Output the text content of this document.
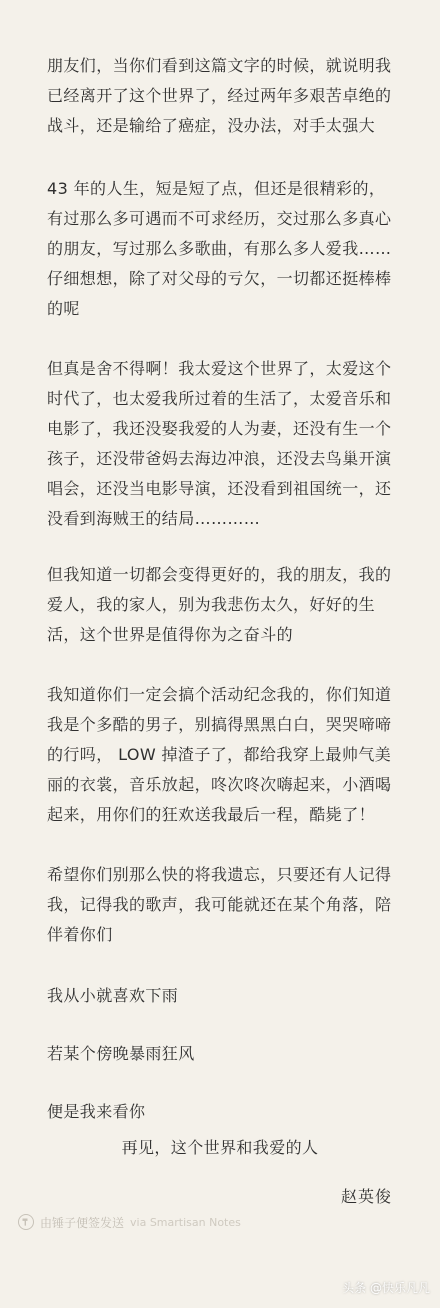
朋友们，当你们看到这篇文字的时候，就说明我已经离开了这个世界了，经过两年多艰苦卓绝的战斗，还是输给了癌症，没办法，对手太强大

43 年的人生，短是短了点，但还是很精彩的，有过那么多可遇而不可求经历，交过那么多真心的朋友，写过那么多歌曲，有那么多人爱我……仔细想想，除了对父母的亏欠，一切都还挺棒棒的呢

但真是舍不得啊！我太爱这个世界了，太爱这个时代了，也太爱我所过着的生活了，太爱音乐和电影了，我还没娶我爱的人为妻，还没有生一个孩子，还没带爸妈去海边冲浪，还没去鸟巢开演唱会，还没当电影导演，还没看到祖国统一，还没看到海贼王的结局…………

但我知道一切都会变得更好的，我的朋友，我的爱人，我的家人，别为我悲伤太久，好好的生活，这个世界是值得你为之奋斗的

我知道你们一定会搞个活动纪念我的，你们知道我是个多酷的男子，别搞得黑黑白白，哭哭啼啼的行吗， LOW 掉渣子了，都给我穿上最帅气美丽的衣裳，音乐放起，咚次咚次嗨起来，小酒喝起来，用你们的狂欢送我最后一程，酷毙了！

希望你们别那么快的将我遗忘，只要还有人记得我，记得我的歌声，我可能就还在某个角落，陪伴着你们

我从小就喜欢下雨

若某个傍晚暴雨狂风

便是我来看你

再见，这个世界和我爱的人

赵英俊

由锤子便签发送 via Smartisan Notes
头条 @快乐凡凡
